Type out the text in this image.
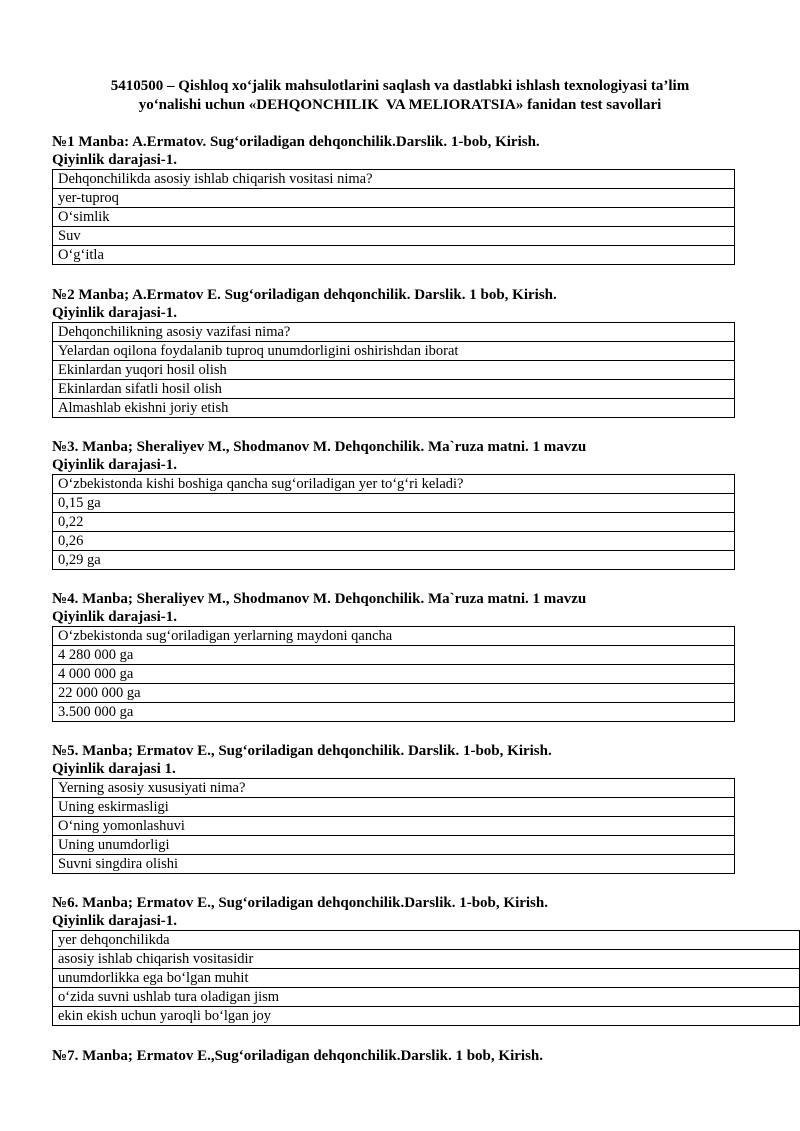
5410500 – Qishloq xo‘jalik mahsulotlarini saqlash va dastlabki ishlash texnologiyasi ta’lim
yo‘nalishi uchun «DEHQONCHILIK  VA MELIORATSIA» fanidan test savollari
№1 Manba: A.Ermatov. Sug‘oriladigan dehqonchilik.Darslik. 1-bob, Kirish.
Qiyinlik darajasi-1.
Dehqonchilikda asosiy ishlab chiqarish vositasi nima?
yer-tuproq
O‘simlik
Suv
O‘g‘itla
№2 Manba; A.Ermatov E. Sug‘oriladigan dehqonchilik. Darslik. 1 bob, Kirish.
Qiyinlik darajasi-1.
Dehqonchilikning asosiy vazifasi nima?
Yelardan oqilona foydalanib tuproq unumdorligini oshirishdan iborat
Ekinlardan yuqori hosil olish
Ekinlardan sifatli hosil olish
Almashlab ekishni joriy etish
№3. Manba; Sheraliyev M., Shodmanov M. Dehqonchilik. Ma`ruza matni. 1 mavzu
Qiyinlik darajasi-1.
O‘zbekistonda kishi boshiga qancha sug‘oriladigan yer to‘g‘ri keladi?
0,15 ga
0,22
0,26
0,29 ga
№4. Manba; Sheraliyev M., Shodmanov M. Dehqonchilik. Ma`ruza matni. 1 mavzu
Qiyinlik darajasi-1.
O‘zbekistonda sug‘oriladigan yerlarning maydoni qancha
4 280 000 ga
4 000 000 ga
22 000 000 ga
3.500 000 ga
№5. Manba; Ermatov E., Sug‘oriladigan dehqonchilik. Darslik. 1-bob, Kirish.
Qiyinlik darajasi 1.
Yerning asosiy xususiyati nima?
Uning eskirmasligi
O‘ning yomonlashuvi
Uning unumdorligi
Suvni singdira olishi
№6. Manba; Ermatov E., Sug‘oriladigan dehqonchilik.Darslik. 1-bob, Kirish.
Qiyinlik darajasi-1.
yer dehqonchilikda
asosiy ishlab chiqarish vositasidir
unumdorlikka ega bo‘lgan muhit
o‘zida suvni ushlab tura oladigan jism
ekin ekish uchun yaroqli bo‘lgan joy
№7. Manba; Ermatov E.,Sug‘oriladigan dehqonchilik.Darslik. 1 bob, Kirish.
